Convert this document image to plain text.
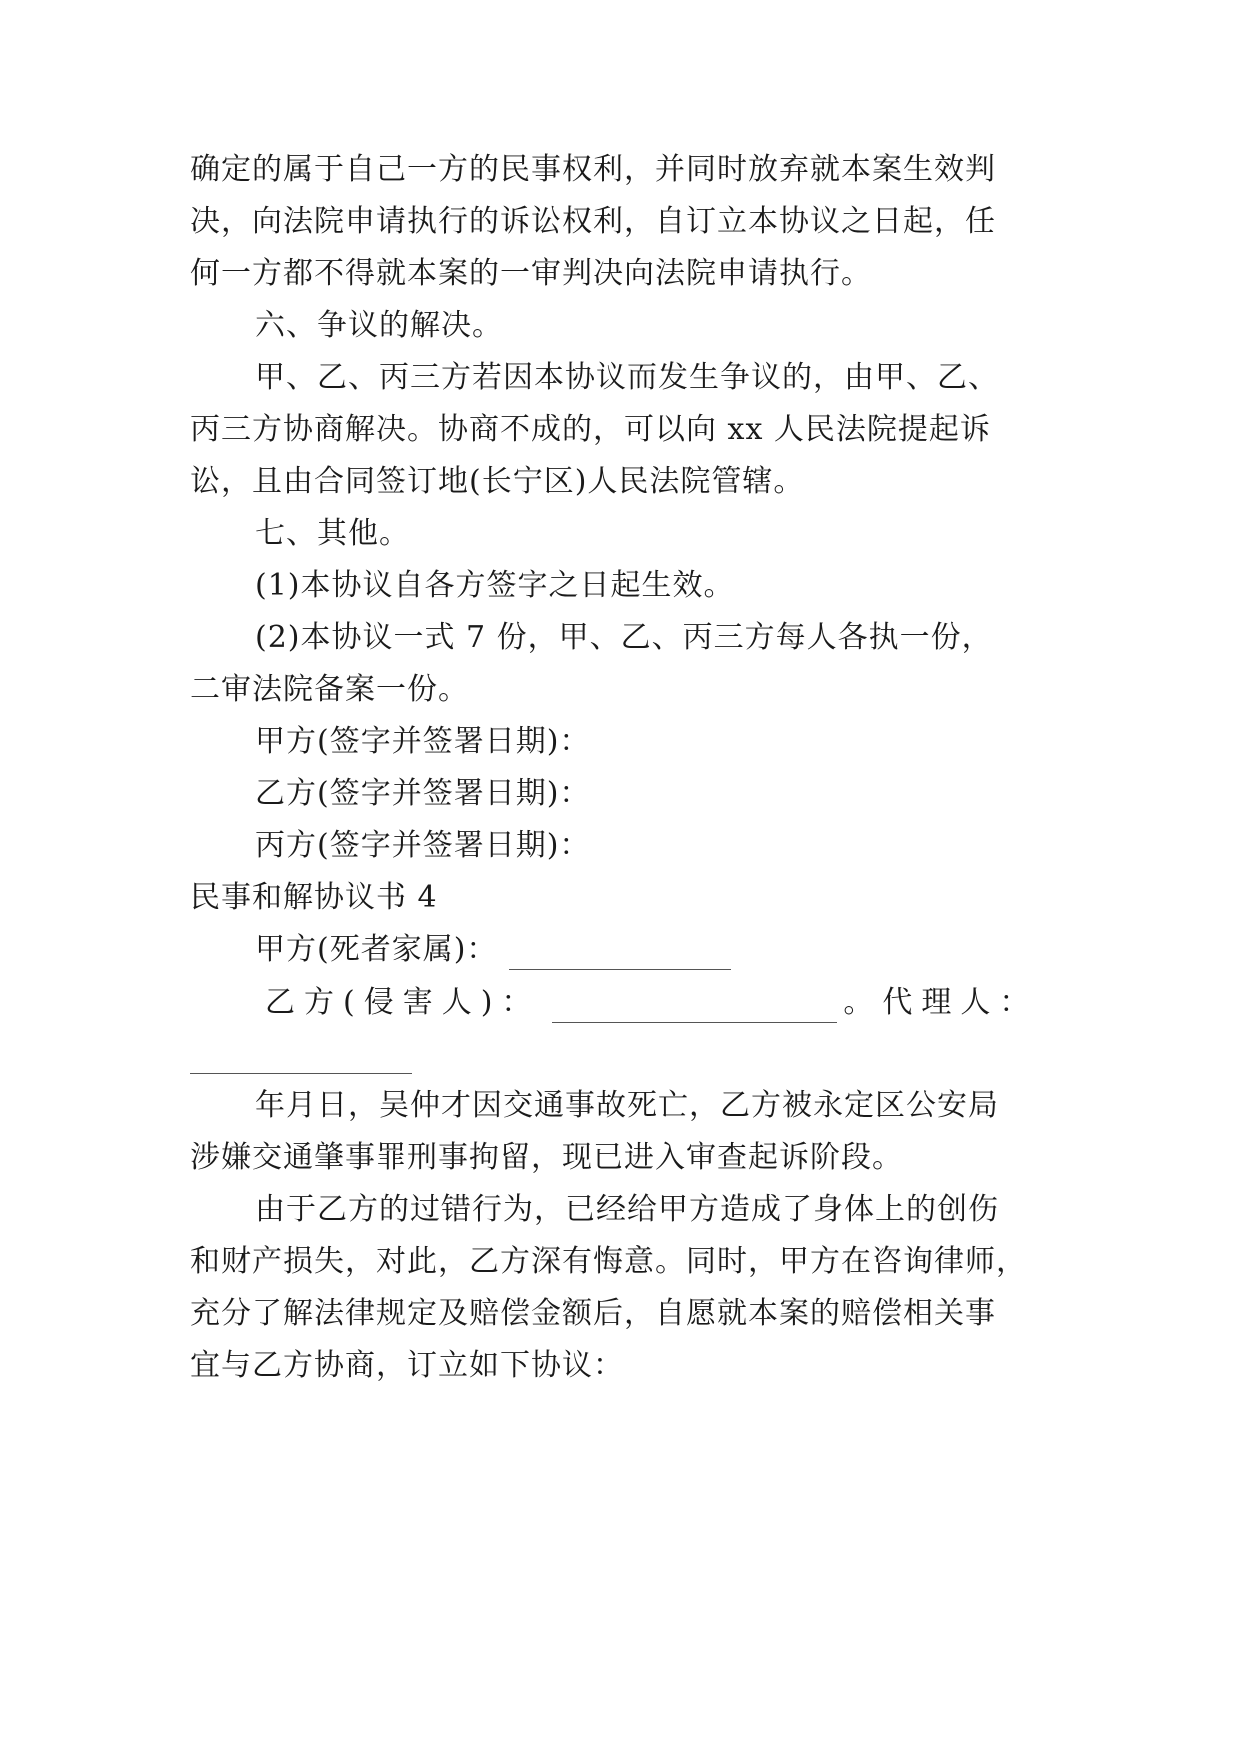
确定的属于自己一方的民事权利，并同时放弃就本案生效判
决，向法院申请执行的诉讼权利，自订立本协议之日起，任
何一方都不得就本案的一审判决向法院申请执行。
六、争议的解决。
甲、乙、丙三方若因本协议而发生争议的，由甲、乙、
丙三方协商解决。协商不成的，可以向 xx 人民法院提起诉
讼，且由合同签订地(长宁区)人民法院管辖。
七、其他。
(1)本协议自各方签字之日起生效。
(2)本协议一式 7 份，甲、乙、丙三方每人各执一份，
二审法院备案一份。
甲方(签字并签署日期)：
乙方(签字并签署日期)：
丙方(签字并签署日期)：
民事和解协议书 4
甲方(死者家属)：
乙方(侵害人)：	。代理人：
年月日，吴仲才因交通事故死亡，乙方被永定区公安局
涉嫌交通肇事罪刑事拘留，现已进入审查起诉阶段。
由于乙方的过错行为，已经给甲方造成了身体上的创伤
和财产损失，对此，乙方深有悔意。同时，甲方在咨询律师，
充分了解法律规定及赔偿金额后，自愿就本案的赔偿相关事
宜与乙方协商，订立如下协议：
